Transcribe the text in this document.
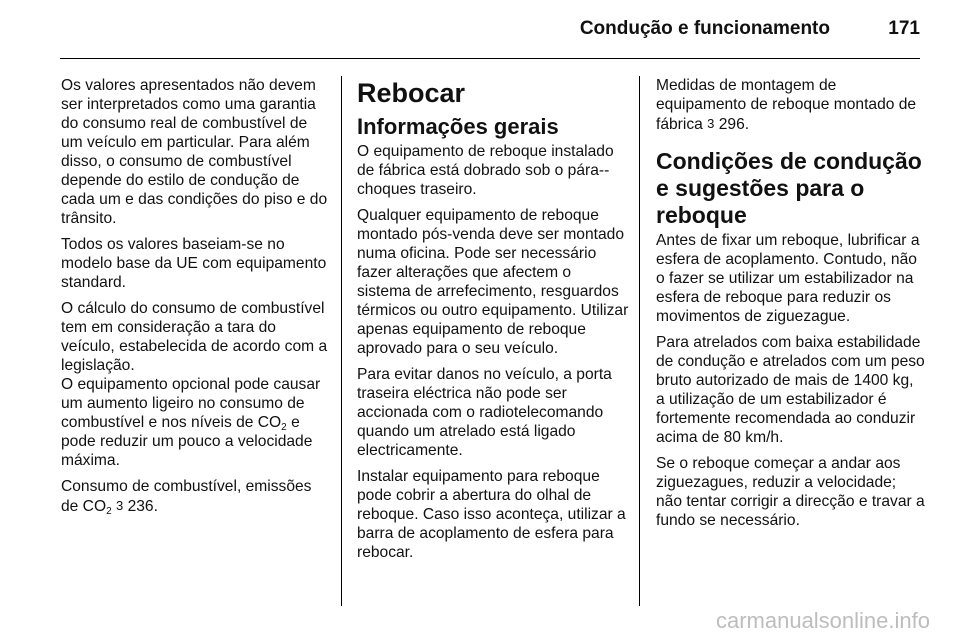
Condução e funcionamento	171

Os valores apresentados não devem ser interpretados como uma garantia do consumo real de combustível de um veículo em particular. Para além disso, o consumo de combustível depende do estilo de condução de cada um e das condições do piso e do trânsito.

Todos os valores baseiam-se no modelo base da UE com equipamento standard.

O cálculo do consumo de combustível tem em consideração a tara do veículo, estabelecida de acordo com a legislação.

O equipamento opcional pode causar um aumento ligeiro no consumo de combustível e nos níveis de $CO_2$ e pode reduzir um pouco a velocidade máxima.

Consumo de combustível, emissões de $CO_2$ 3 236.

Rebocar
Informações gerais

O equipamento de reboque instalado de fábrica está dobrado sob o pára--choques traseiro.

Qualquer equipamento de reboque montado pós-venda deve ser montado numa oficina. Pode ser necessário fazer alterações que afectem o sistema de arrefecimento, resguardos térmicos ou outro equipamento. Utilizar apenas equipamento de reboque aprovado para o seu veículo.

Para evitar danos no veículo, a porta traseira eléctrica não pode ser accionada com o radiotelecomando quando um atrelado está ligado electricamente.

Instalar equipamento para reboque pode cobrir a abertura do olhal de reboque. Caso isso aconteça, utilizar a barra de acoplamento de esfera para rebocar.

Medidas de montagem de equipamento de reboque montado de fábrica 3 296.

Condições de condução e sugestões para o reboque

Antes de fixar um reboque, lubrificar a esfera de acoplamento. Contudo, não o fazer se utilizar um estabilizador na esfera de reboque para reduzir os movimentos de ziguezague.

Para atrelados com baixa estabilidade de condução e atrelados com um peso bruto autorizado de mais de 1400 kg, a utilização de um estabilizador é fortemente recomendada ao conduzir acima de 80 km/h.

Se o reboque começar a andar aos ziguezagues, reduzir a velocidade; não tentar corrigir a direcção e travar a fundo se necessário.

carmanualsonline.info
